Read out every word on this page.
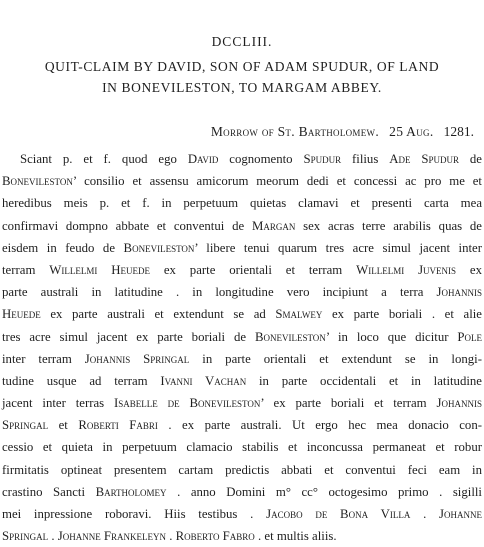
DCCLIII.
QUIT-CLAIM BY DAVID, SON OF ADAM SPUDUR, OF LAND
IN BONEVILESTON, TO MARGAM ABBEY.
Morrow of St. Bartholomew. 25 Aug. 1281.
Sciant p. et f. quod ego David cognomento Spudur filius Ade Spudur de
Bonevileston’ consilio et assensu amicorum meorum dedi et concessi ac pro me et
heredibus meis p. et f. in perpetuum quietas clamavi et presenti carta mea
confirmavi dompno abbate et conventui de Margan sex acras terre arabilis quas de
eisdem in feudo de Bonevileston’ libere tenui quarum tres acre simul jacent inter
terram Willelmi Heuede ex parte orientali et terram Willelmi Juvenis ex
parte australi in latitudine . in longitudine vero incipiunt a terra Johannis
Heuede ex parte australi et extendunt se ad Smalwey ex parte boriali . et alie
tres acre simul jacent ex parte boriali de Bonevileston’ in loco que dicitur Pole
inter terram Johannis Springal in parte orientali et extendunt se in longi-
tudine usque ad terram Ivanni Vachan in parte occidentali et in latitudine
jacent inter terras Isabelle de Bonevileston’ ex parte boriali et terram Johannis
Springal et Roberti Fabri . ex parte australi. Ut ergo hec mea donacio con-
cessio et quieta in perpetuum clamacio stabilis et inconcussa permaneat et robur
firmitatis optineat presentem cartam predictis abbati et conventui feci eam in
crastino Sancti Bartholomey . anno Domini m° cc° octogesimo primo . sigilli
mei inpressione roboravi. Hiis testibus . Jacobo de Bona Villa . Johanne
Springal . Johanne Frankeleyn . Roberto Fabro . et multis aliis.
